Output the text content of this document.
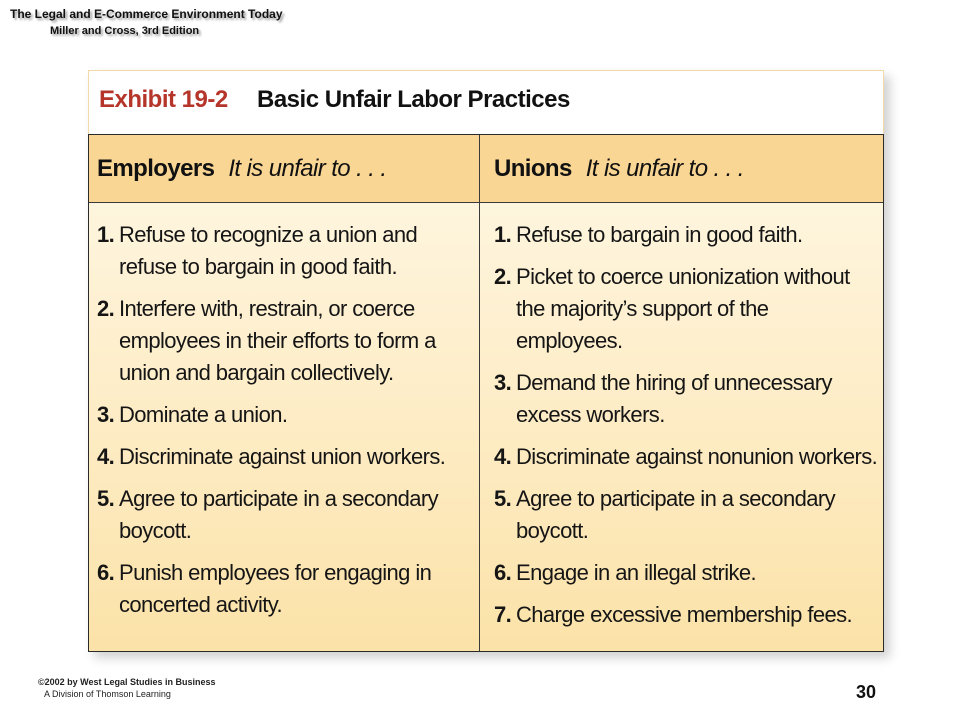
The Legal and E-Commerce Environment Today
Miller and Cross, 3rd Edition
Exhibit 19-2 Basic Unfair Labor Practices
Employers It is unfair to . . .	Unions It is unfair to . . .
1. Refuse to recognize a union and refuse to bargain in good faith.
2. Interfere with, restrain, or coerce employees in their efforts to form a union and bargain collectively.
3. Dominate a union.
4. Discriminate against union workers.
5. Agree to participate in a secondary boycott.
6. Punish employees for engaging in concerted activity.
1. Refuse to bargain in good faith.
2. Picket to coerce unionization without the majority’s support of the employees.
3. Demand the hiring of unnecessary excess workers.
4. Discriminate against nonunion workers.
5. Agree to participate in a secondary boycott.
6. Engage in an illegal strike.
7. Charge excessive membership fees.
©2002 by West Legal Studies in Business
A Division of Thomson Learning	30
